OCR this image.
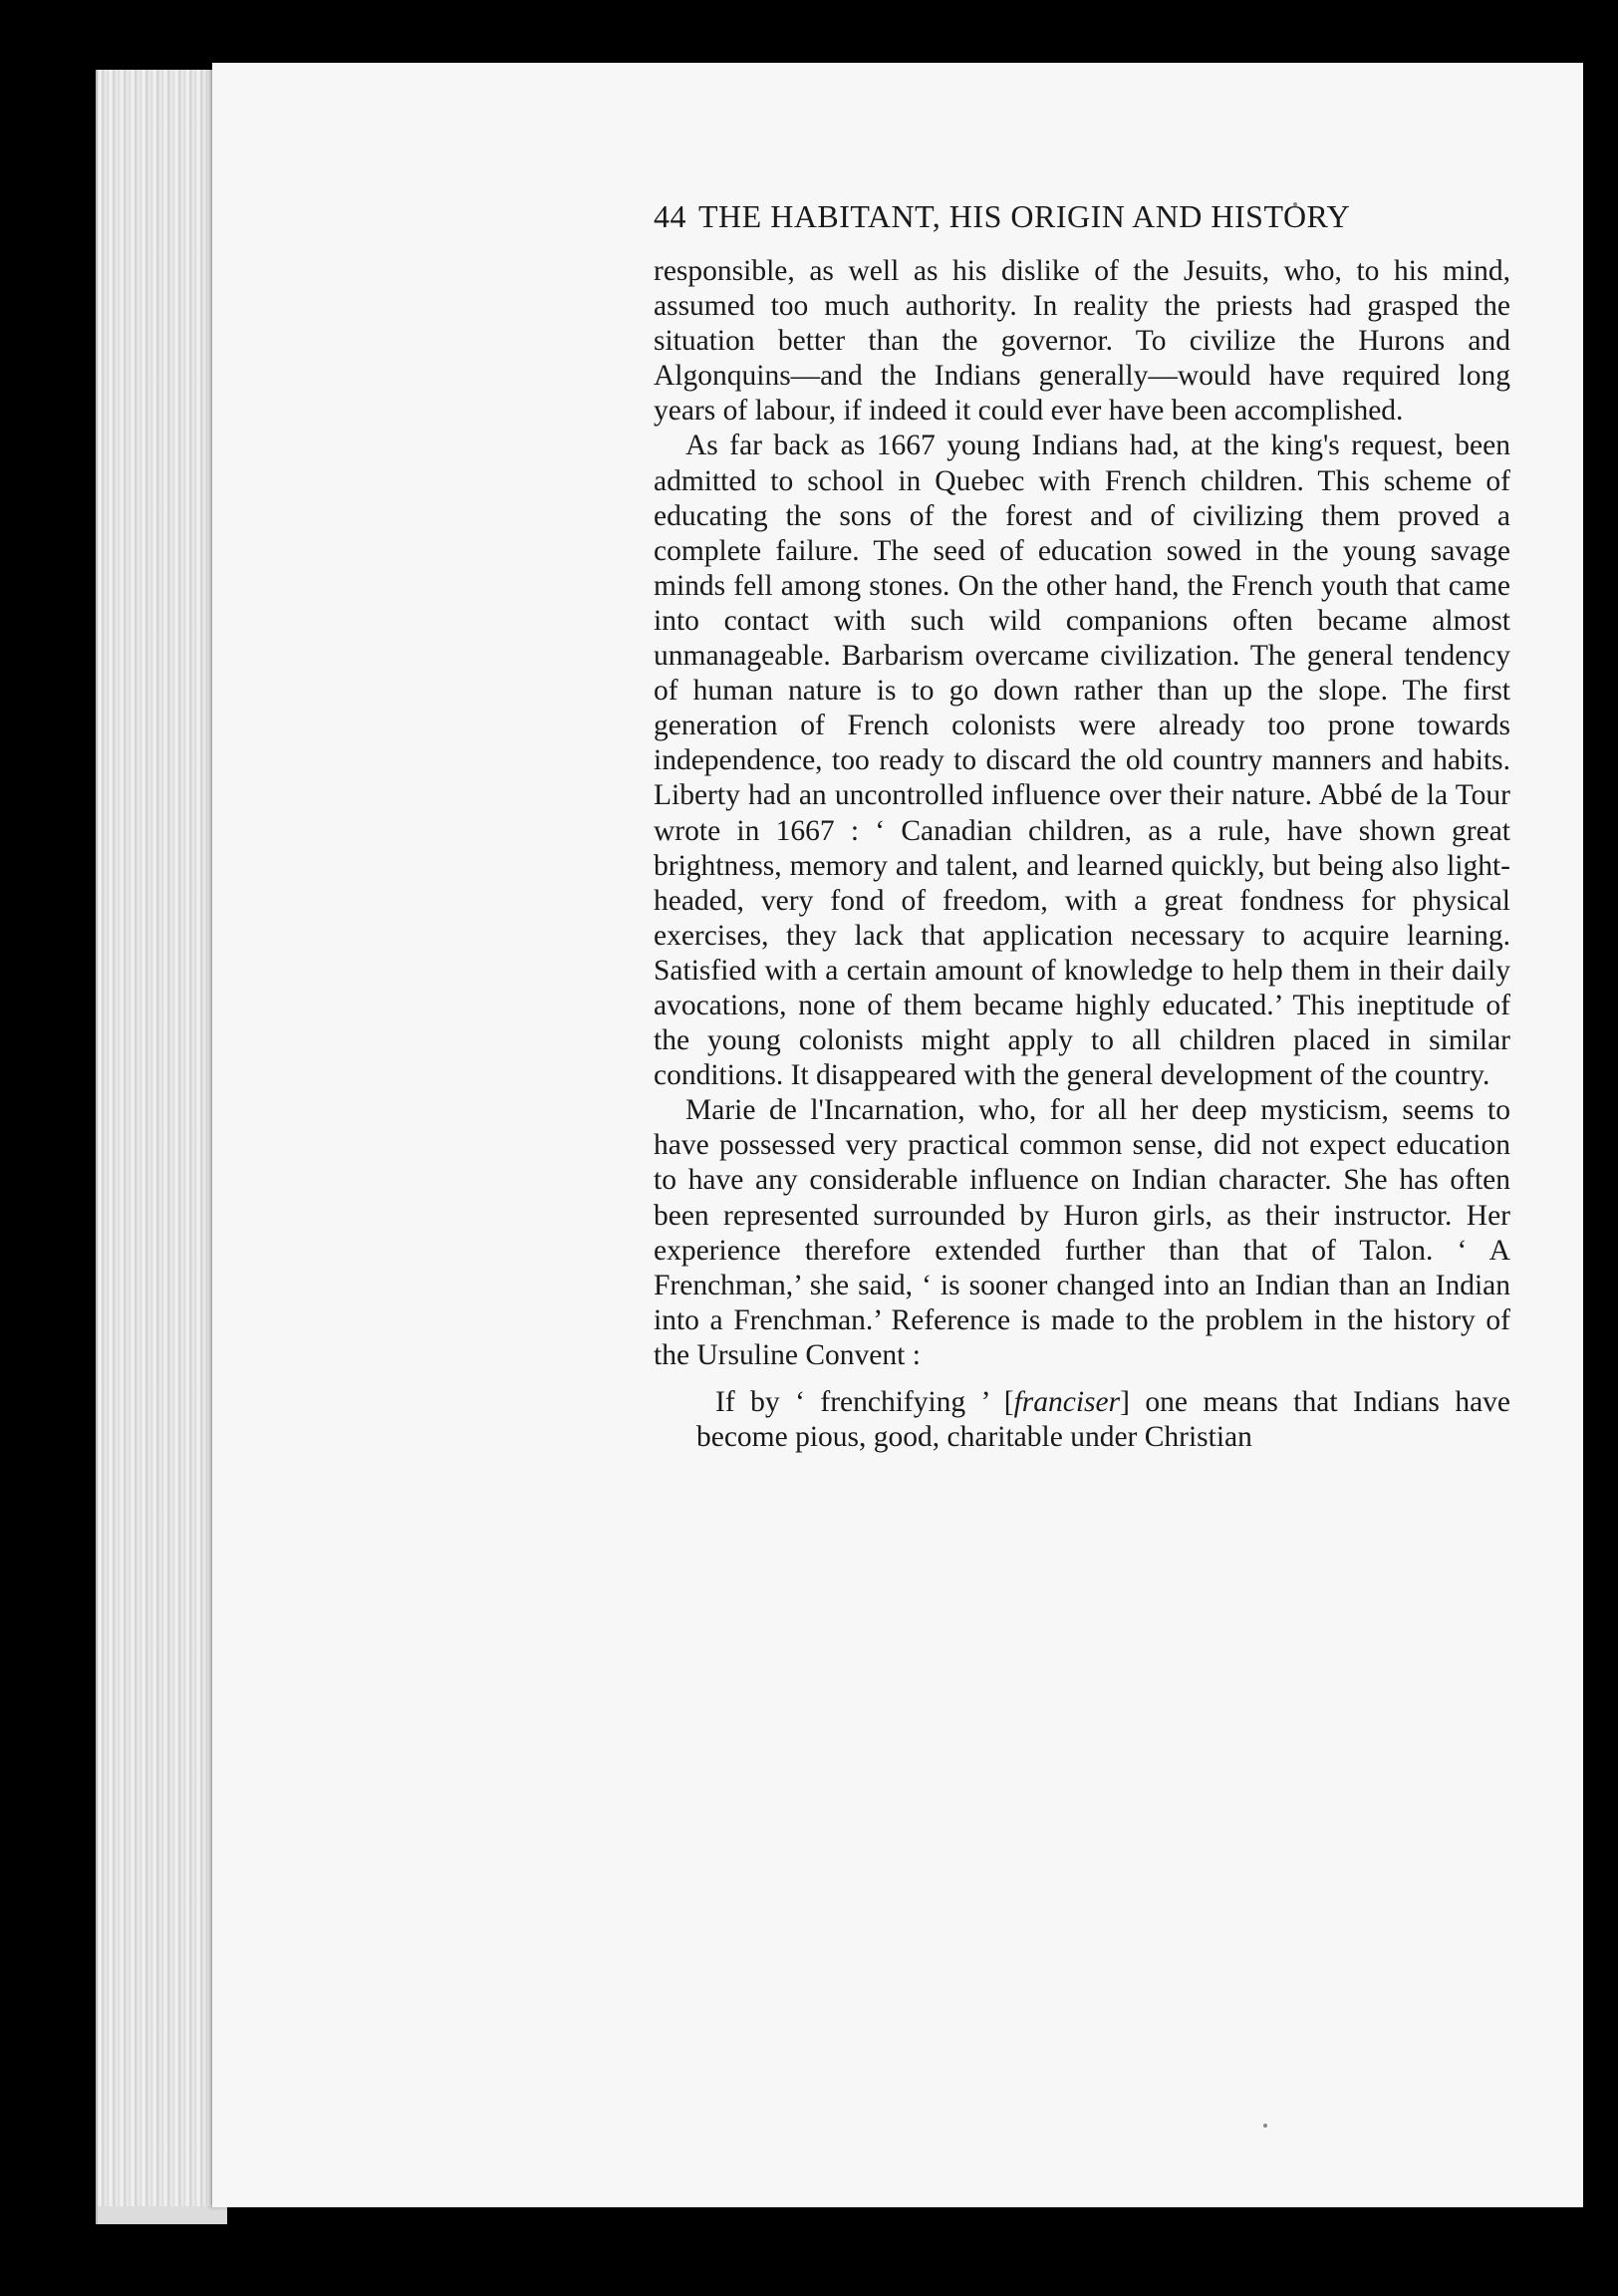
44 THE HABITANT, HIS ORIGIN AND HISTORY

responsible, as well as his dislike of the Jesuits, who, to his mind, assumed too much authority. In reality the priests had grasped the situation better than the governor. To civilize the Hurons and Algonquins—and the Indians generally—would have required long years of labour, if indeed it could ever have been accomplished.

As far back as 1667 young Indians had, at the king's request, been admitted to school in Quebec with French children. This scheme of educating the sons of the forest and of civilizing them proved a complete failure. The seed of education sowed in the young savage minds fell among stones. On the other hand, the French youth that came into contact with such wild companions often became almost unmanageable. Barbarism overcame civilization. The general tendency of human nature is to go down rather than up the slope. The first generation of French colonists were already too prone towards independence, too ready to discard the old country manners and habits. Liberty had an uncontrolled influence over their nature. Abbé de la Tour wrote in 1667 : ‘ Canadian children, as a rule, have shown great brightness, memory and talent, and learned quickly, but being also light-headed, very fond of freedom, with a great fondness for physical exercises, they lack that application necessary to acquire learning. Satisfied with a certain amount of knowledge to help them in their daily avocations, none of them became highly educated.’ This ineptitude of the young colonists might apply to all children placed in similar conditions. It disappeared with the general development of the country.

Marie de l'Incarnation, who, for all her deep mysticism, seems to have possessed very practical common sense, did not expect education to have any considerable influence on Indian character. She has often been represented surrounded by Huron girls, as their instructor. Her experience therefore extended further than that of Talon. ‘ A Frenchman,’ she said, ‘ is sooner changed into an Indian than an Indian into a Frenchman.’ Reference is made to the problem in the history of the Ursuline Convent :

If by ‘ frenchifying ’ [franciser] one means that Indians have become pious, good, charitable under Christian
